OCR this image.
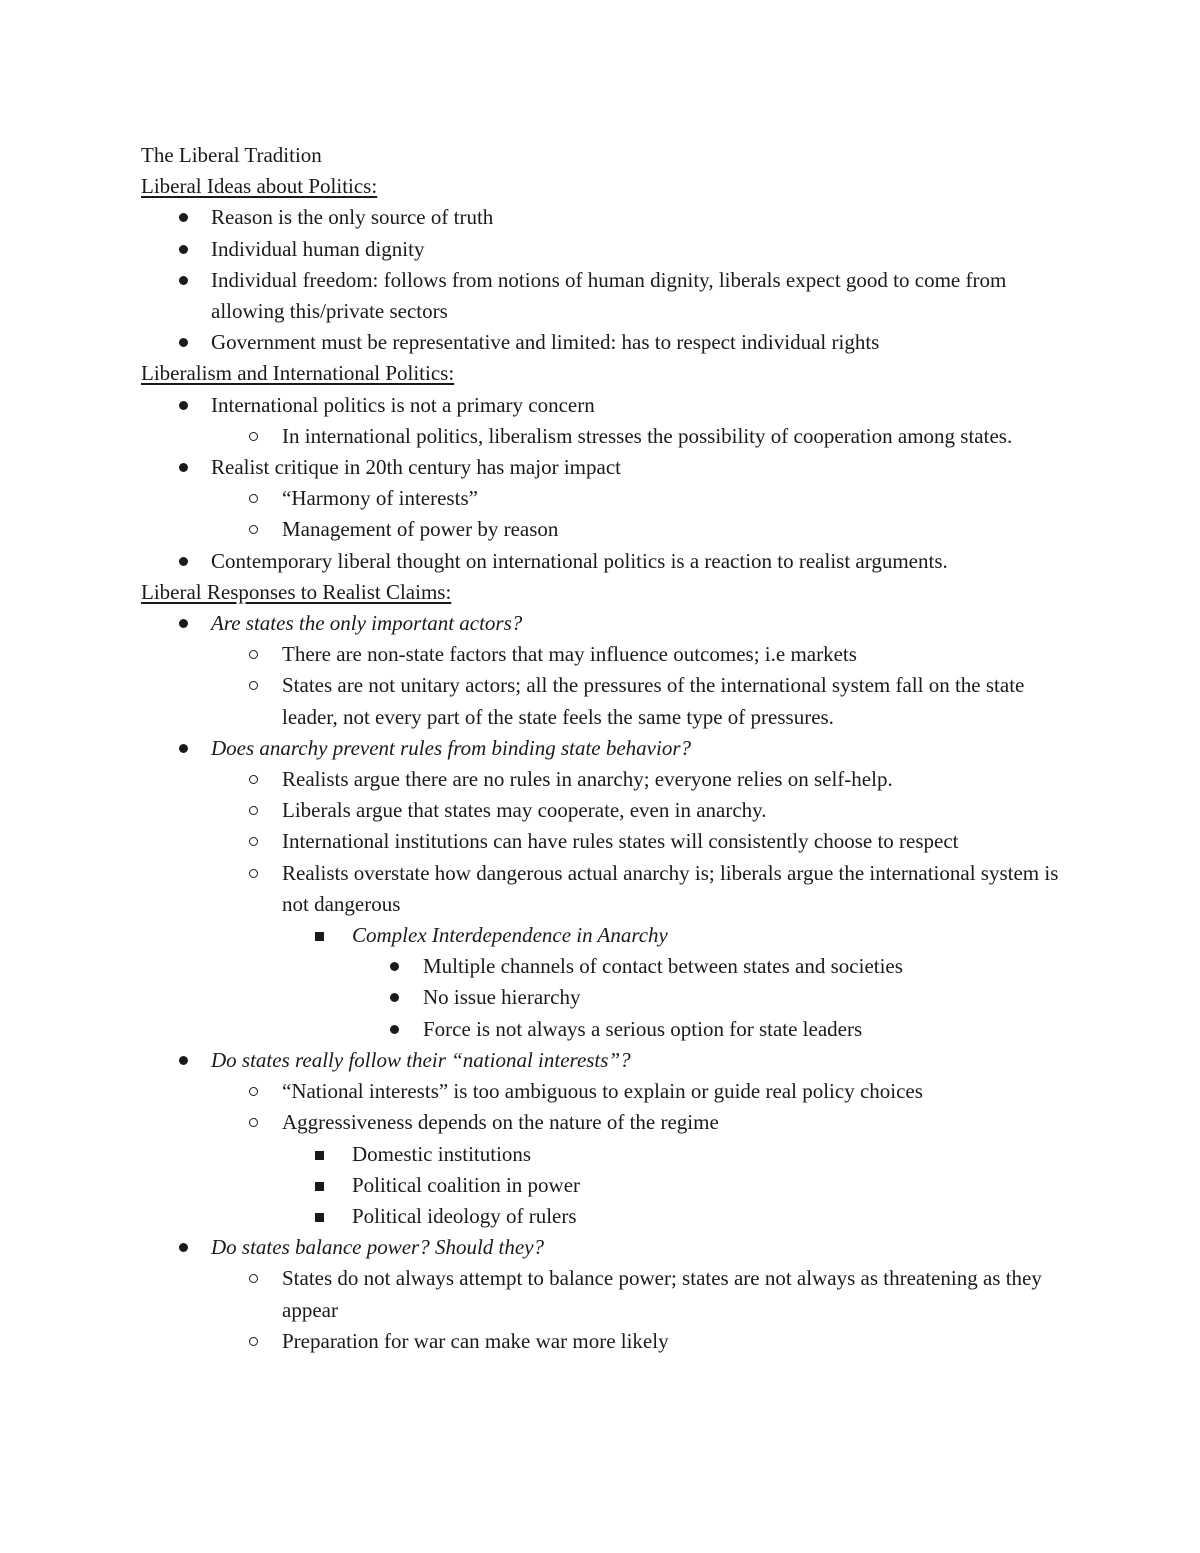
The Liberal Tradition

Liberal Ideas about Politics:

Reason is the only source of truth
Individual human dignity
Individual freedom: follows from notions of human dignity, liberals expect good to come from allowing this/private sectors
Government must be representative and limited: has to respect individual rights

Liberalism and International Politics:

International politics is not a primary concern
In international politics, liberalism stresses the possibility of cooperation among states.
Realist critique in 20th century has major impact
“Harmony of interests”
Management of power by reason
Contemporary liberal thought on international politics is a reaction to realist arguments.

Liberal Responses to Realist Claims:

Are states the only important actors?
There are non-state factors that may influence outcomes; i.e markets
States are not unitary actors; all the pressures of the international system fall on the state leader, not every part of the state feels the same type of pressures.
Does anarchy prevent rules from binding state behavior?
Realists argue there are no rules in anarchy; everyone relies on self-help.
Liberals argue that states may cooperate, even in anarchy.
International institutions can have rules states will consistently choose to respect
Realists overstate how dangerous actual anarchy is; liberals argue the international system is not dangerous
Complex Interdependence in Anarchy
Multiple channels of contact between states and societies
No issue hierarchy
Force is not always a serious option for state leaders
Do states really follow their “national interests”?
“National interests” is too ambiguous to explain or guide real policy choices
Aggressiveness depends on the nature of the regime
Domestic institutions
Political coalition in power
Political ideology of rulers
Do states balance power? Should they?
States do not always attempt to balance power; states are not always as threatening as they appear
Preparation for war can make war more likely
